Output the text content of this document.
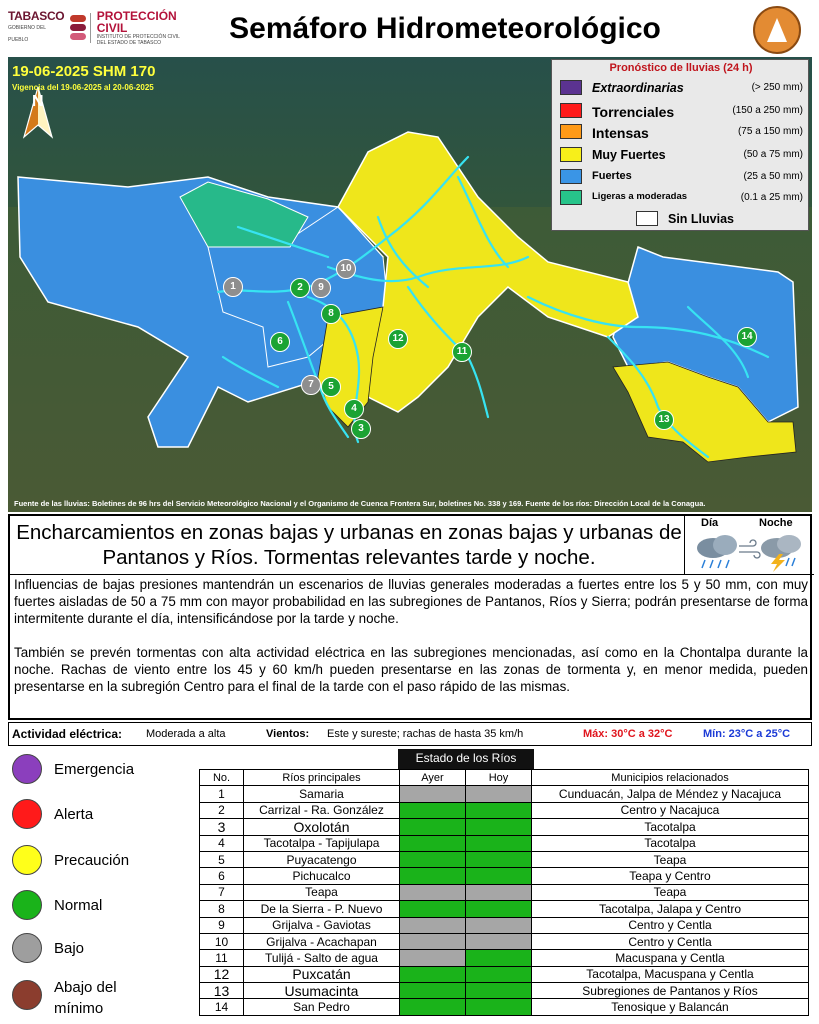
TABASCO
GOBIERNO DEL PUEBLO
PROTECCIÓN CIVIL
INSTITUTO DE PROTECCIÓN CIVIL
DEL ESTADO DE TABASCO	Semáforo Hidrometeorológico
19-06-2025 SHM 170
Vigencia del 19-06-2025 al 20-06-2025
N
Pronóstico de lluvias (24 h)
Extraordinarias	(> 250 mm)
Torrenciales	(150 a 250 mm)
Intensas	(75 a 150 mm)
Muy Fuertes	(50 a 75 mm)
Fuertes	(25 a 50 mm)
Ligeras a moderadas	(0.1 a 25 mm)
Sin Lluvias
1	2
3
4
5
6
7
8
9
10
11
12
13
14
Fuente de las lluvias: Boletines de 96 hrs del Servicio Meteorológico Nacional y el Organismo de Cuenca Frontera Sur, boletines No. 338 y 169. Fuente de los ríos: Dirección Local de la Conagua.
Encharcamientos en zonas bajas y urbanas en zonas bajas y urbanas de Pantanos y Ríos. Tormentas relevantes tarde y noche.
Día	Noche

Influencias de bajas presiones mantendrán un escenarios de lluvias generales moderadas a fuertes entre los 5 y 50 mm, con muy fuertes aisladas de 50 a 75 mm con mayor probabilidad en las subregiones de Pantanos, Ríos y Sierra; podrán presentarse de forma intermitente durante el día, intensificándose por la tarde y noche.

También se prevén tormentas con alta actividad eléctrica en las subregiones mencionadas, así como en la Chontalpa durante la noche. Rachas de viento entre los 45 y 60 km/h pueden presentarse en las zonas de tormenta y, en menor medida, pueden presentarse en la subregión Centro para el final de la tarde con el paso rápido de las mismas.

Actividad eléctrica: Moderada a alta	Vientos: Este y sureste; rachas de hasta 35 km/h	Máx: 30°C a 32°C	Mín: 23°C a 25°C
Emergencia
Alerta
Precaución
Normal
Bajo
Abajo del mínimo
Estado de los Ríos
No.	Ríos principales	Ayer	Hoy	Municipios relacionados
1	Samaria			Cunduacán, Jalpa de Méndez y Nacajuca
2	Carrizal - Ra. González			Centro y Nacajuca
3	Oxolotán			Tacotalpa
4	Tacotalpa - Tapijulapa			Tacotalpa
5	Puyacatengo			Teapa
6	Pichucalco			Teapa y Centro
7	Teapa			Teapa
8	De la Sierra - P. Nuevo			Tacotalpa, Jalapa y Centro
9	Grijalva - Gaviotas			Centro y Centla
10	Grijalva - Acachapan			Centro y Centla
11	Tulijá - Salto de agua			Macuspana y Centla
12	Puxcatán			Tacotalpa, Macuspana y Centla
13	Usumacinta			Subregiones de Pantanos y Ríos
14	San Pedro			Tenosique y Balancán
